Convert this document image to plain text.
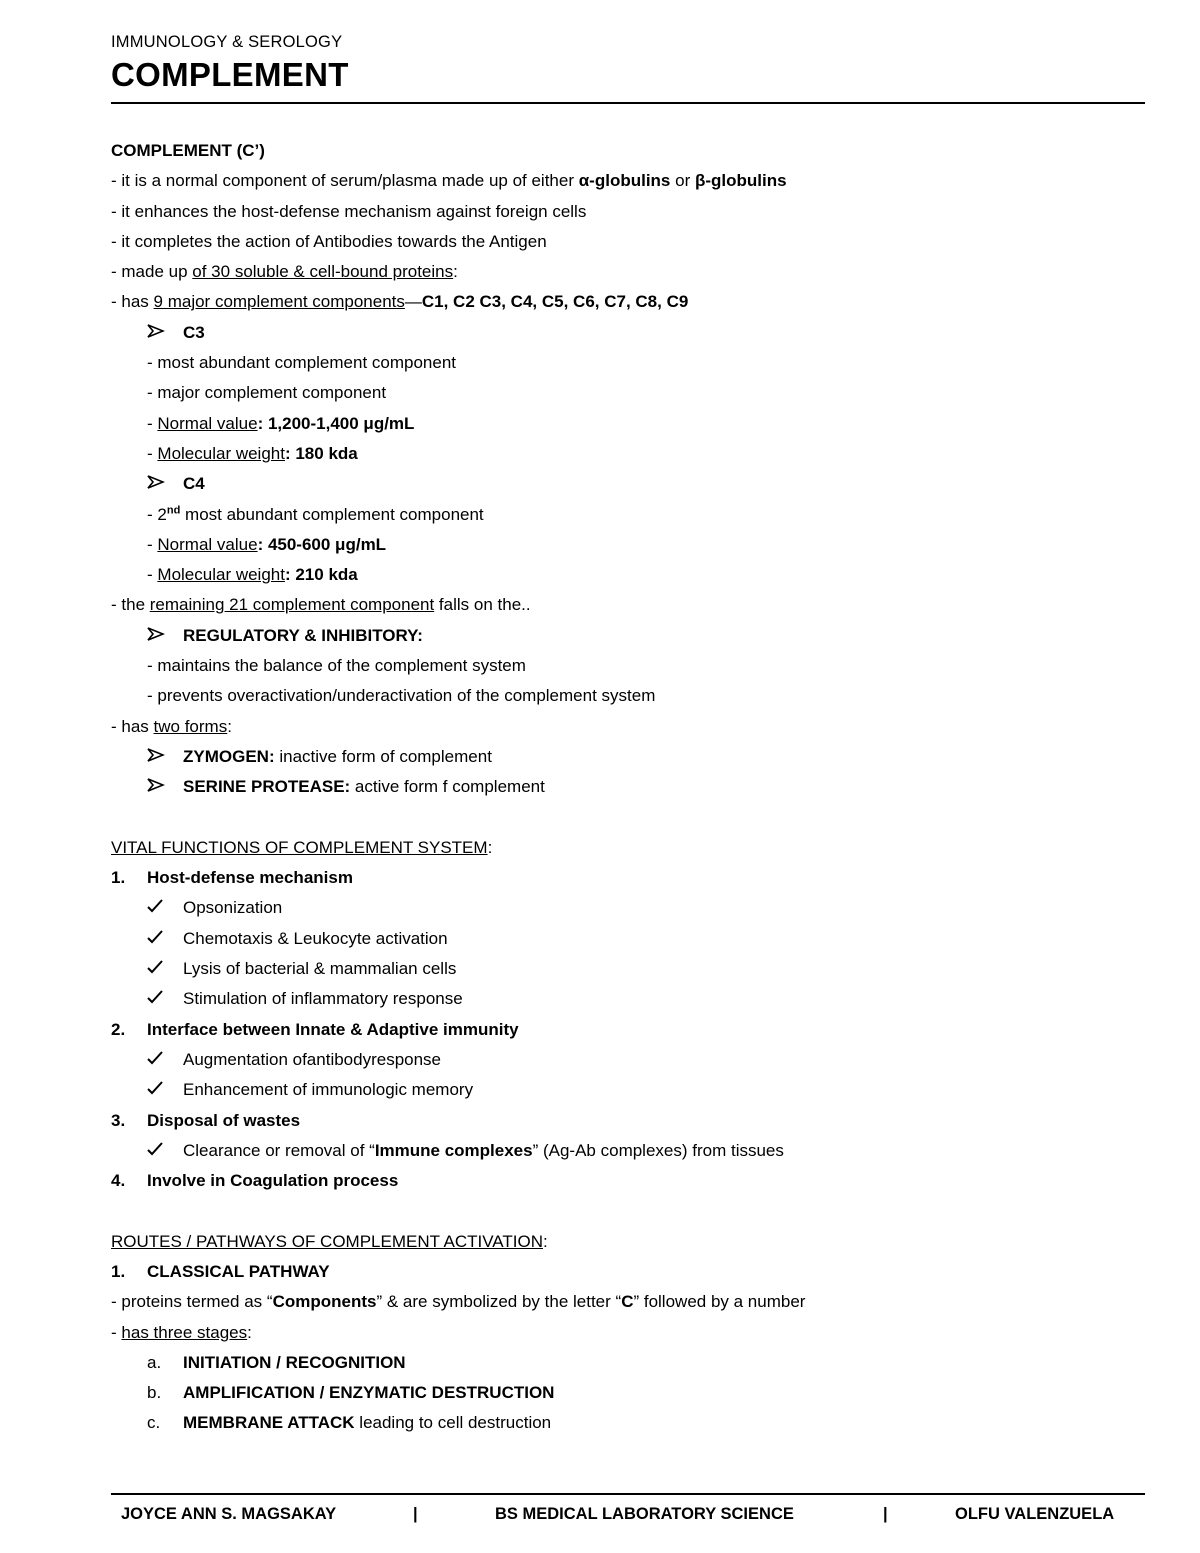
IMMUNOLOGY & SEROLOGY
COMPLEMENT
COMPLEMENT (C’)
- it is a normal component of serum/plasma made up of either α-globulins or β-globulins
- it enhances the host-defense mechanism against foreign cells
- it completes the action of Antibodies towards the Antigen
- made up of 30 soluble & cell-bound proteins:
- has 9 major complement components—C1, C2 C3, C4, C5, C6, C7, C8, C9
C3
- most abundant complement component
- major complement component
- Normal value: 1,200-1,400 μg/mL
- Molecular weight: 180 kda
C4
- 2nd most abundant complement component
- Normal value: 450-600 μg/mL
- Molecular weight: 210 kda
- the remaining 21 complement component falls on the..
REGULATORY & INHIBITORY:
- maintains the balance of the complement system
- prevents overactivation/underactivation of the complement system
- has two forms:
ZYMOGEN: inactive form of complement
SERINE PROTEASE: active form f complement
VITAL FUNCTIONS OF COMPLEMENT SYSTEM:
1. Host-defense mechanism
Opsonization
Chemotaxis & Leukocyte activation
Lysis of bacterial & mammalian cells
Stimulation of inflammatory response
2. Interface between Innate & Adaptive immunity
Augmentation ofantibodyresponse
Enhancement of immunologic memory
3. Disposal of wastes
Clearance or removal of “Immune complexes” (Ag-Ab complexes) from tissues
4. Involve in Coagulation process
ROUTES / PATHWAYS OF COMPLEMENT ACTIVATION:
1. CLASSICAL PATHWAY
- proteins termed as “Components” & are symbolized by the letter “C” followed by a number
- has three stages:
a. INITIATION / RECOGNITION
b. AMPLIFICATION / ENZYMATIC DESTRUCTION
c. MEMBRANE ATTACK leading to cell destruction
JOYCE ANN S. MAGSAKAY	|	BS MEDICAL LABORATORY SCIENCE	|	OLFU VALENZUELA
